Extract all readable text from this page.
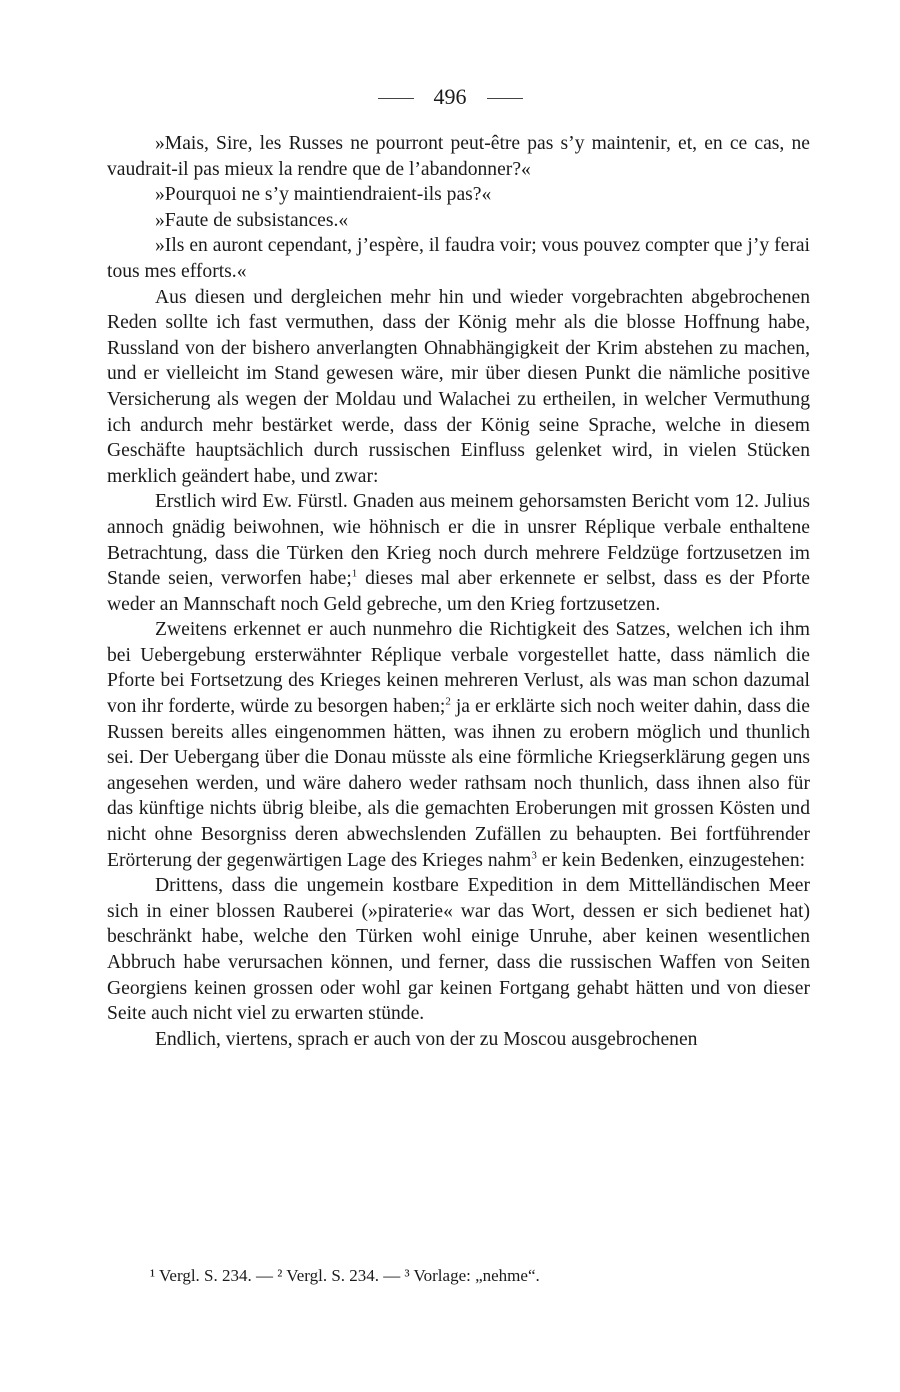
496

»Mais, Sire, les Russes ne pourront peut-être pas s’y maintenir, et, en ce cas, ne vaudrait-il pas mieux la rendre que de l’abandonner?«

»Pourquoi ne s’y maintiendraient-ils pas?«

»Faute de subsistances.«

»Ils en auront cependant, j’espère, il faudra voir; vous pouvez compter que j’y ferai tous mes efforts.«

Aus diesen und dergleichen mehr hin und wieder vorgebrachten abgebrochenen Reden sollte ich fast vermuthen, dass der König mehr als die blosse Hoffnung habe, Russland von der bishero anverlangten Ohnabhängigkeit der Krim abstehen zu machen, und er vielleicht im Stand gewesen wäre, mir über diesen Punkt die nämliche positive Versicherung als wegen der Moldau und Walachei zu ertheilen, in welcher Vermuthung ich andurch mehr bestärket werde, dass der König seine Sprache, welche in diesem Geschäfte hauptsächlich durch russischen Einfluss gelenket wird, in vielen Stücken merklich geändert habe, und zwar:

Erstlich wird Ew. Fürstl. Gnaden aus meinem gehorsamsten Bericht vom 12. Julius annoch gnädig beiwohnen, wie höhnisch er die in unsrer Réplique verbale enthaltene Betrachtung, dass die Türken den Krieg noch durch mehrere Feldzüge fortzusetzen im Stande seien, verworfen habe;$^1$ dieses mal aber erkennete er selbst, dass es der Pforte weder an Mannschaft noch Geld gebreche, um den Krieg fortzusetzen.

Zweitens erkennet er auch nunmehro die Richtigkeit des Satzes, welchen ich ihm bei Uebergebung ersterwähnter Réplique verbale vorgestellet hatte, dass nämlich die Pforte bei Fortsetzung des Krieges keinen mehreren Verlust, als was man schon dazumal von ihr forderte, würde zu besorgen haben;$^2$ ja er erklärte sich noch weiter dahin, dass die Russen bereits alles eingenommen hätten, was ihnen zu erobern möglich und thunlich sei. Der Uebergang über die Donau müsste als eine förmliche Kriegserklärung gegen uns angesehen werden, und wäre dahero weder rathsam noch thunlich, dass ihnen also für das künftige nichts übrig bleibe, als die gemachten Eroberungen mit grossen Kösten und nicht ohne Besorgniss deren abwechslenden Zufällen zu behaupten. Bei fortführender Erörterung der gegenwärtigen Lage des Krieges nahm$^3$ er kein Bedenken, einzugestehen:

Drittens, dass die ungemein kostbare Expedition in dem Mittelländischen Meer sich in einer blossen Rauberei (»piraterie« war das Wort, dessen er sich bedienet hat) beschränkt habe, welche den Türken wohl einige Unruhe, aber keinen wesentlichen Abbruch habe verursachen können, und ferner, dass die russischen Waffen von Seiten Georgiens keinen grossen oder wohl gar keinen Fortgang gehabt hätten und von dieser Seite auch nicht viel zu erwarten stünde.

Endlich, viertens, sprach er auch von der zu Moscou ausgebrochenen

¹ Vergl. S. 234. — ² Vergl. S. 234. — ³ Vorlage: „nehme“.
